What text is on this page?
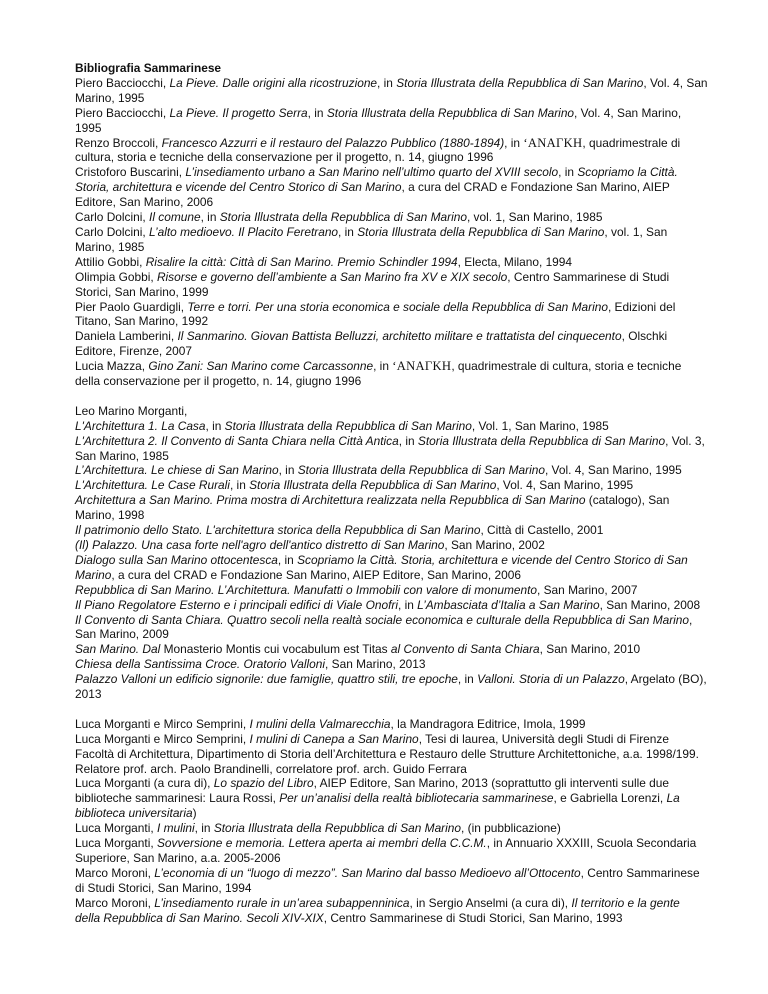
Bibliografia Sammarinese

Piero Bacciocchi, La Pieve. Dalle origini alla ricostruzione, in Storia Illustrata della Repubblica di San Marino, Vol. 4, San Marino, 1995

Piero Bacciocchi, La Pieve. Il progetto Serra, in Storia Illustrata della Repubblica di San Marino, Vol. 4, San Marino, 1995

Renzo Broccoli, Francesco Azzurri e il restauro del Palazzo Pubblico (1880-1894), in ‘ΑΝΑΓΚΗ, quadrimestrale di cultura, storia e tecniche della conservazione per il progetto, n. 14, giugno 1996

Cristoforo Buscarini, L’insediamento urbano a San Marino nell’ultimo quarto del XVIII secolo, in Scopriamo la Città. Storia, architettura e vicende del Centro Storico di San Marino, a cura del CRAD e Fondazione San Marino, AIEP Editore, San Marino, 2006

Carlo Dolcini, Il comune, in Storia Illustrata della Repubblica di San Marino, vol. 1, San Marino, 1985

Carlo Dolcini, L’alto medioevo. Il Placito Feretrano, in Storia Illustrata della Repubblica di San Marino, vol. 1, San Marino, 1985

Attilio Gobbi, Risalire la città: Città di San Marino. Premio Schindler 1994, Electa, Milano, 1994

Olimpia Gobbi, Risorse e governo dell’ambiente a San Marino fra XV e XIX secolo, Centro Sammarinese di Studi Storici, San Marino, 1999

Pier Paolo Guardigli, Terre e torri. Per una storia economica e sociale della Repubblica di San Marino, Edizioni del Titano, San Marino, 1992

Daniela Lamberini, Il Sanmarino. Giovan Battista Belluzzi, architetto militare e trattatista del cinquecento, Olschki Editore, Firenze, 2007

Lucia Mazza, Gino Zani: San Marino come Carcassonne, in ‘ΑΝΑΓΚΗ, quadrimestrale di cultura, storia e tecniche della conservazione per il progetto, n. 14, giugno 1996

Leo Marino Morganti,

L'Architettura 1. La Casa, in Storia Illustrata della Repubblica di San Marino, Vol. 1, San Marino, 1985

L'Architettura 2. Il Convento di Santa Chiara nella Città Antica, in Storia Illustrata della Repubblica di San Marino, Vol. 3, San Marino, 1985

L’Architettura. Le chiese di San Marino, in Storia Illustrata della Repubblica di San Marino, Vol. 4, San Marino, 1995

L'Architettura. Le Case Rurali, in Storia Illustrata della Repubblica di San Marino, Vol. 4, San Marino, 1995

Architettura a San Marino. Prima mostra di Architettura realizzata nella Repubblica di San Marino (catalogo), San Marino, 1998

Il patrimonio dello Stato. L'architettura storica della Repubblica di San Marino, Città di Castello, 2001

(Il) Palazzo. Una casa forte nell'agro dell'antico distretto di San Marino, San Marino, 2002

Dialogo sulla San Marino ottocentesca, in Scopriamo la Città. Storia, architettura e vicende del Centro Storico di San Marino, a cura del CRAD e Fondazione San Marino, AIEP Editore, San Marino, 2006

Repubblica di San Marino. L’Architettura. Manufatti o Immobili con valore di monumento, San Marino, 2007

Il Piano Regolatore Esterno e i principali edifici di Viale Onofri, in L’Ambasciata d’Italia a San Marino, San Marino, 2008

Il Convento di Santa Chiara. Quattro secoli nella realtà sociale economica e culturale della Repubblica di San Marino, San Marino, 2009

San Marino. Dal Monasterio Montis cui vocabulum est Titas al Convento di Santa Chiara, San Marino, 2010

Chiesa della Santissima Croce. Oratorio Valloni, San Marino, 2013

Palazzo Valloni un edificio signorile: due famiglie, quattro stili, tre epoche, in Valloni. Storia di un Palazzo, Argelato (BO), 2013

Luca Morganti e Mirco Semprini, I mulini della Valmarecchia, la Mandragora Editrice, Imola, 1999

Luca Morganti e Mirco Semprini, I mulini di Canepa a San Marino, Tesi di laurea, Università degli Studi di Firenze Facoltà di Architettura, Dipartimento di Storia dell’Architettura e Restauro delle Strutture Architettoniche, a.a. 1998/199. Relatore prof. arch. Paolo Brandinelli, correlatore prof. arch. Guido Ferrara

Luca Morganti (a cura di), Lo spazio del Libro, AIEP Editore, San Marino, 2013 (soprattutto gli interventi sulle due biblioteche sammarinesi: Laura Rossi, Per un’analisi della realtà bibliotecaria sammarinese, e Gabriella Lorenzi, La biblioteca universitaria)

Luca Morganti, I mulini, in Storia Illustrata della Repubblica di San Marino, (in pubblicazione)

Luca Morganti, Sovversione e memoria. Lettera aperta ai membri della C.C.M., in Annuario XXXIII, Scuola Secondaria Superiore, San Marino, a.a. 2005-2006

Marco Moroni, L’economia di un “luogo di mezzo”. San Marino dal basso Medioevo all’Ottocento, Centro Sammarinese di Studi Storici, San Marino, 1994

Marco Moroni, L’insediamento rurale in un’area subappenninica, in Sergio Anselmi (a cura di), Il territorio e la gente della Repubblica di San Marino. Secoli XIV-XIX, Centro Sammarinese di Studi Storici, San Marino, 1993
